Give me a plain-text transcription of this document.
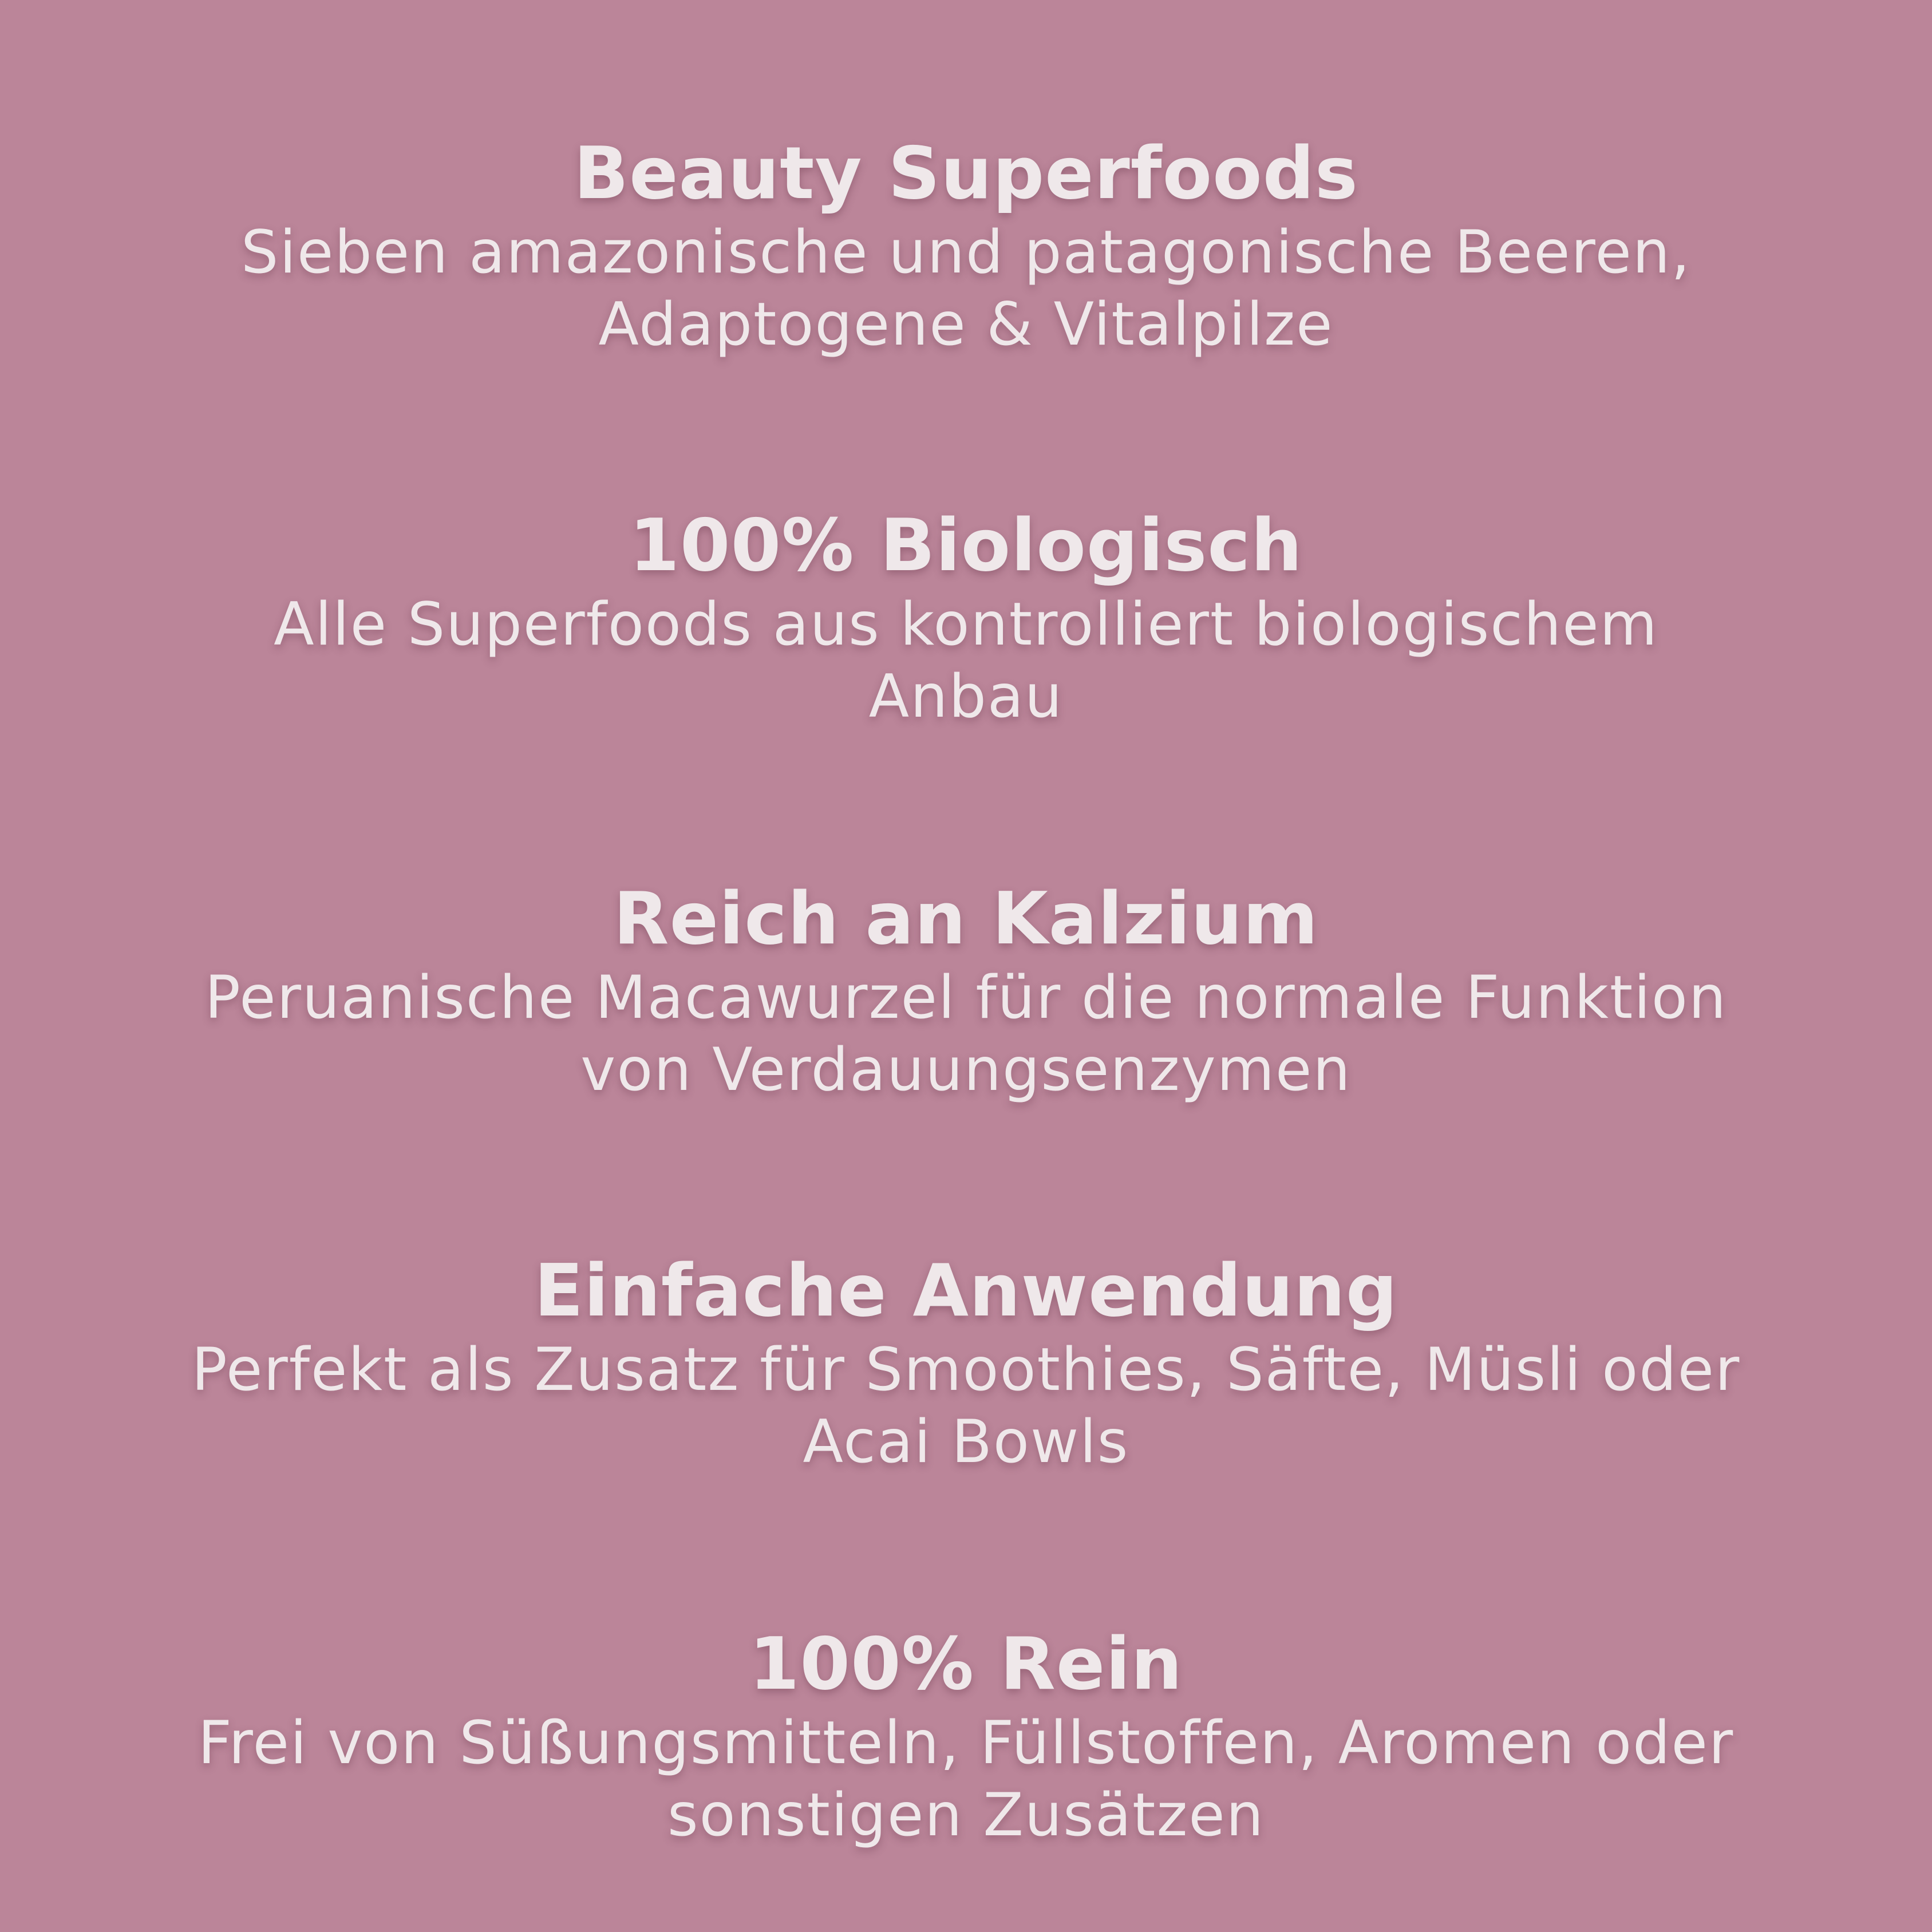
Beauty Superfoods
Sieben amazonische und patagonische Beeren,
Adaptogene & Vitalpilze
100% Biologisch
Alle Superfoods aus kontrolliert biologischem
Anbau
Reich an Kalzium
Peruanische Macawurzel für die normale Funktion
von Verdauungsenzymen
Einfache Anwendung
Perfekt als Zusatz für Smoothies, Säfte, Müsli oder
Acai Bowls
100% Rein
Frei von Süßungsmitteln, Füllstoffen, Aromen oder
sonstigen Zusätzen
